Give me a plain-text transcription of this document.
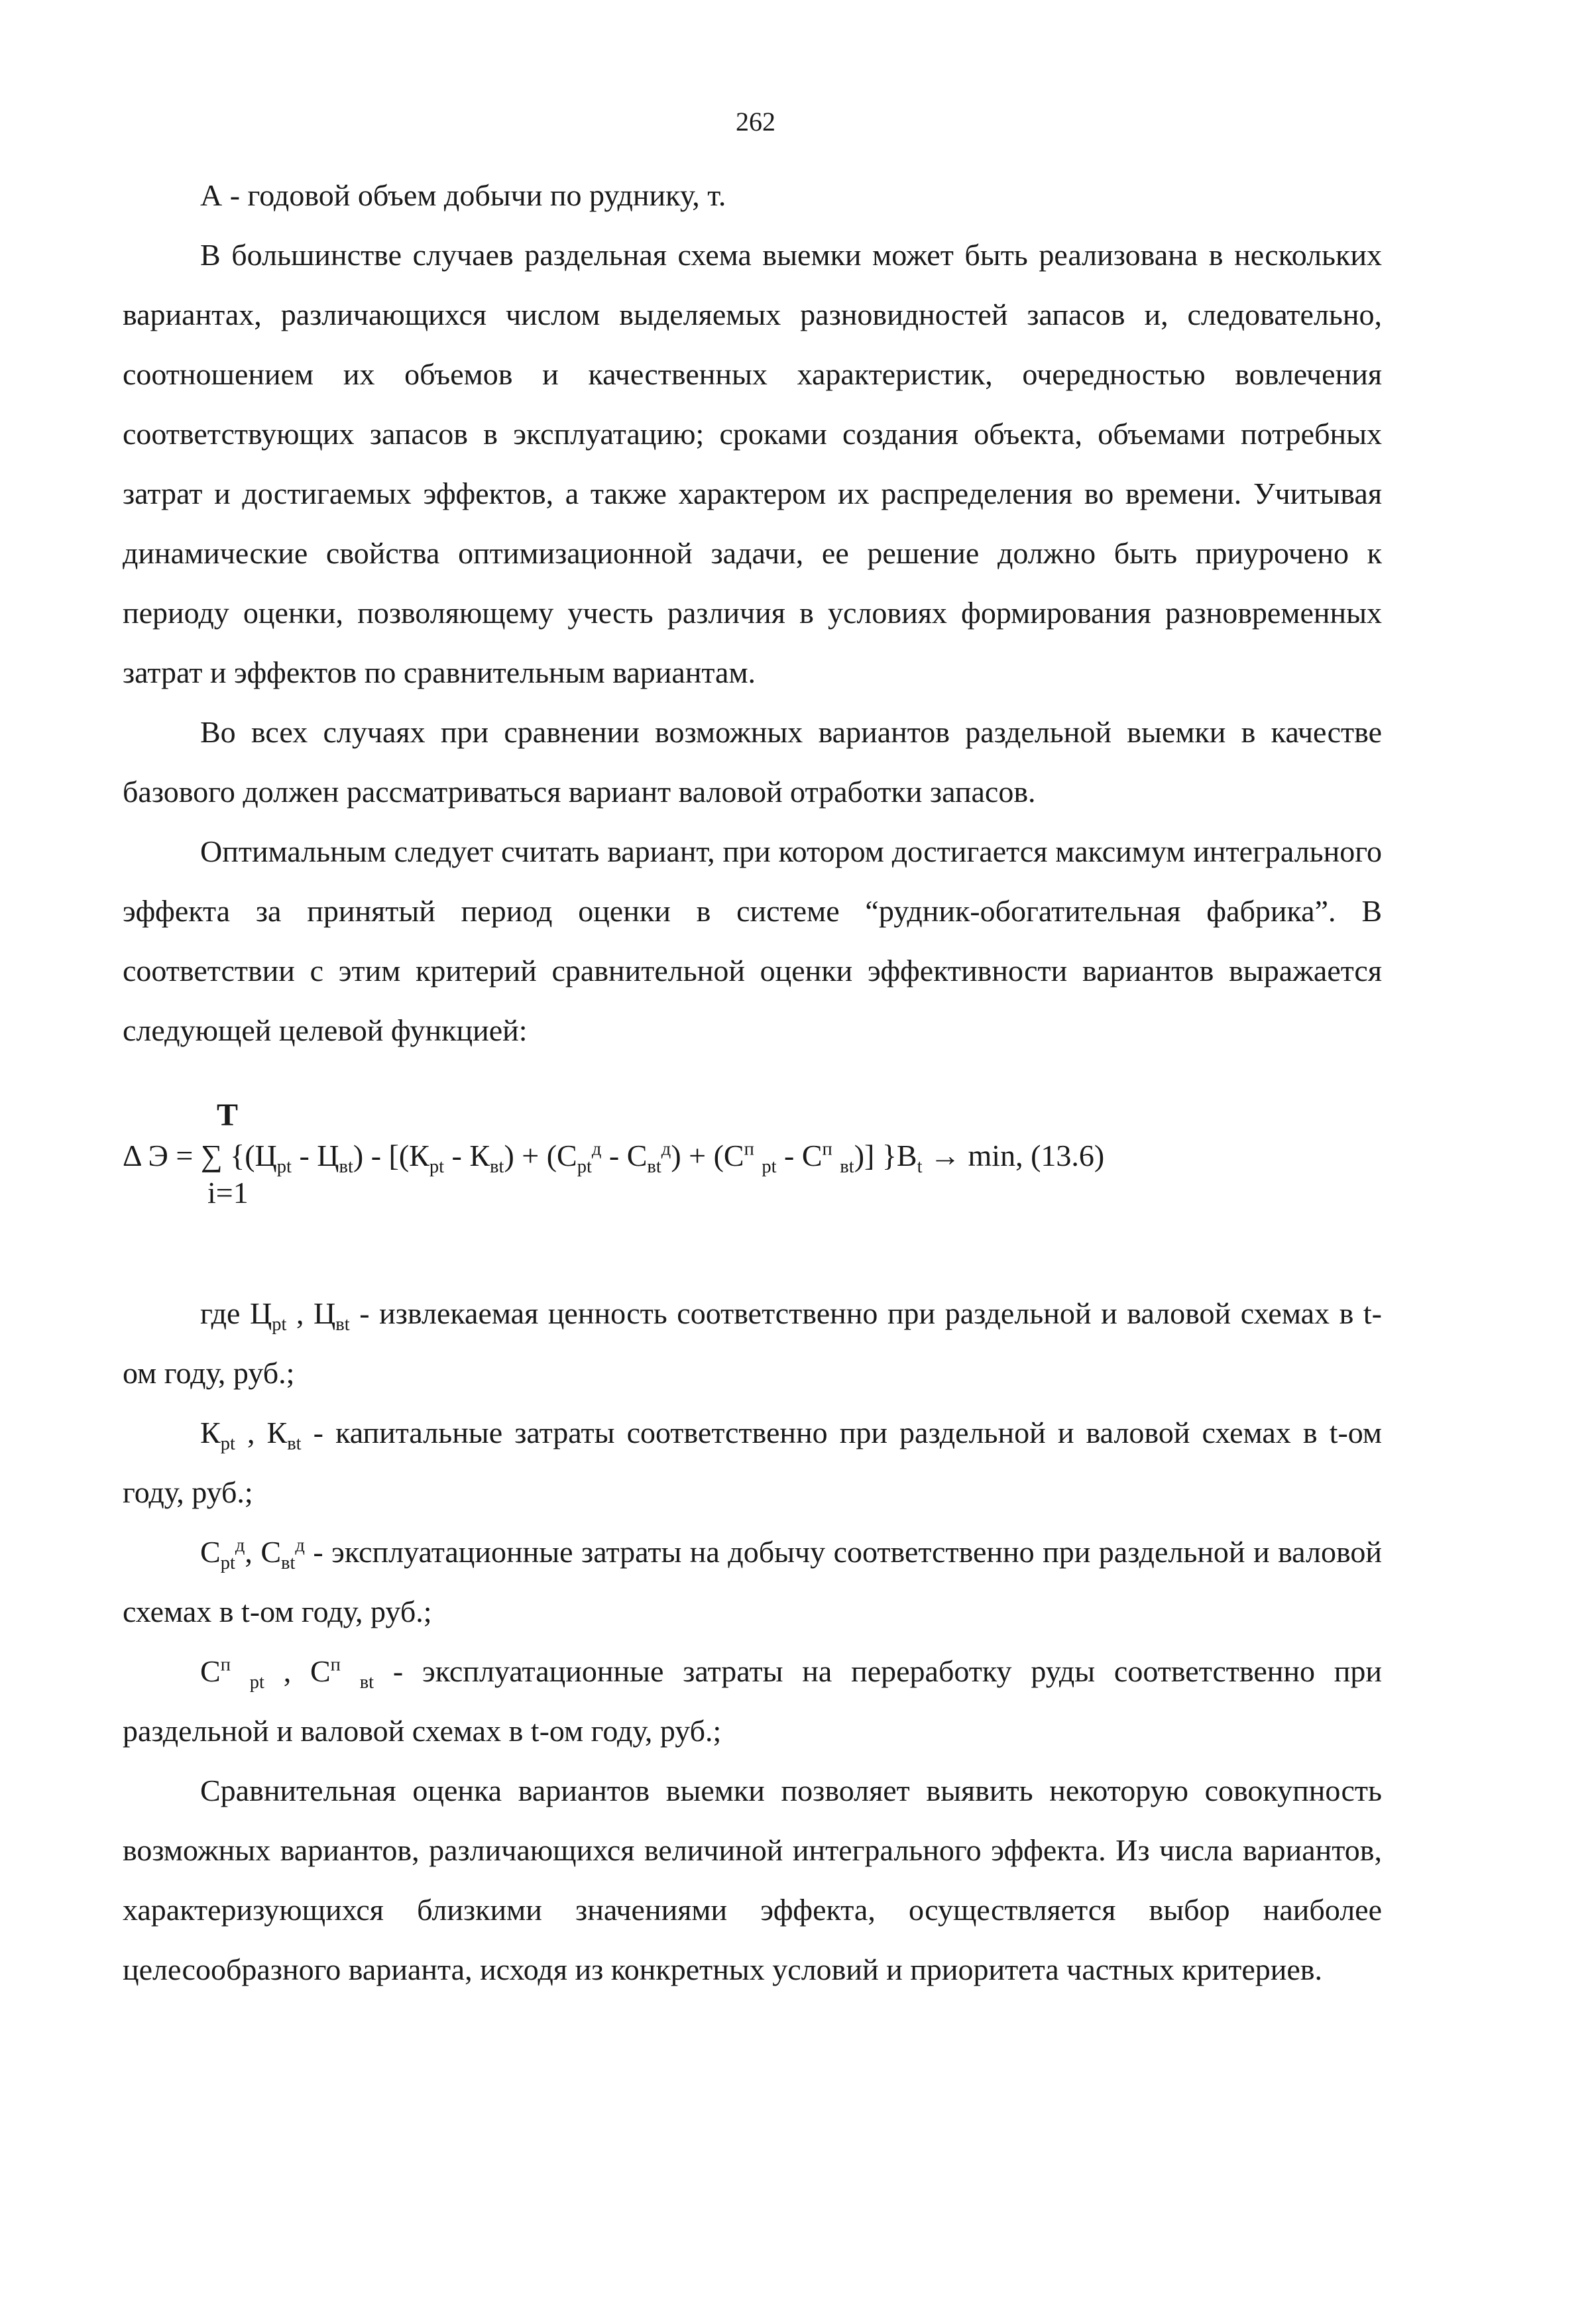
262

А - годовой объем добычи по руднику, т.

В большинстве случаев раздельная схема выемки может быть реализована в нескольких вариантах, различающихся числом выделяемых разновидностей запасов и, следовательно, соотношением их объемов и качественных характеристик, очередностью вовлечения соответствующих запасов в эксплуатацию; сроками создания объекта, объемами потребных затрат и достигаемых эффектов, а также характером их распределения во времени. Учитывая динамические свойства оптимизационной задачи, ее решение должно быть приурочено к периоду оценки, позволяющему учесть различия в условиях формирования разновременных затрат и эффектов по сравнительным вариантам.

Во всех случаях при сравнении возможных вариантов раздельной выемки в качестве базового должен рассматриваться вариант валовой отработки запасов.

Оптимальным следует считать вариант, при котором достигается максимум интегрального эффекта за принятый период оценки в системе “рудник-обогатительная фабрика”. В соответствии с этим критерий сравнительной оценки эффективности вариантов выражается следующей целевой функцией:

T
Δ Э = ∑ {$(Ц_{pt} - Ц_{вt}) - [(К_{pt} - К_{вt}) + (С_{pt}^д - С_{вt}^д) + (С^п$ $_{pt} - С^п$ $_{вt}$)] }$B_t \to \min$, (13.6)
i=1

где $Ц_{pt}$ , $Ц_{вt}$ - извлекаемая ценность соответственно при раздельной и валовой схемах в t-ом году, руб.;

$К_{pt}$ , $К_{вt}$ - капитальные затраты соответственно при раздельной и валовой схемах в t-ом году, руб.;

$С_{pt}^д$, $С_{вt}^д$ - эксплуатационные затраты на добычу соответственно при раздельной и валовой схемах в t-ом году, руб.;

$С^п$ $_{pt}$ , $С^п$ $_{вt}$ - эксплуатационные затраты на переработку руды соответственно при раздельной и валовой схемах в t-ом году, руб.;

Сравнительная оценка вариантов выемки позволяет выявить некоторую совокупность возможных вариантов, различающихся величиной интегрального эффекта. Из числа вариантов, характеризующихся близкими значениями эффекта, осуществляется выбор наиболее целесообразного варианта, исходя из конкретных условий и приоритета частных критериев.
